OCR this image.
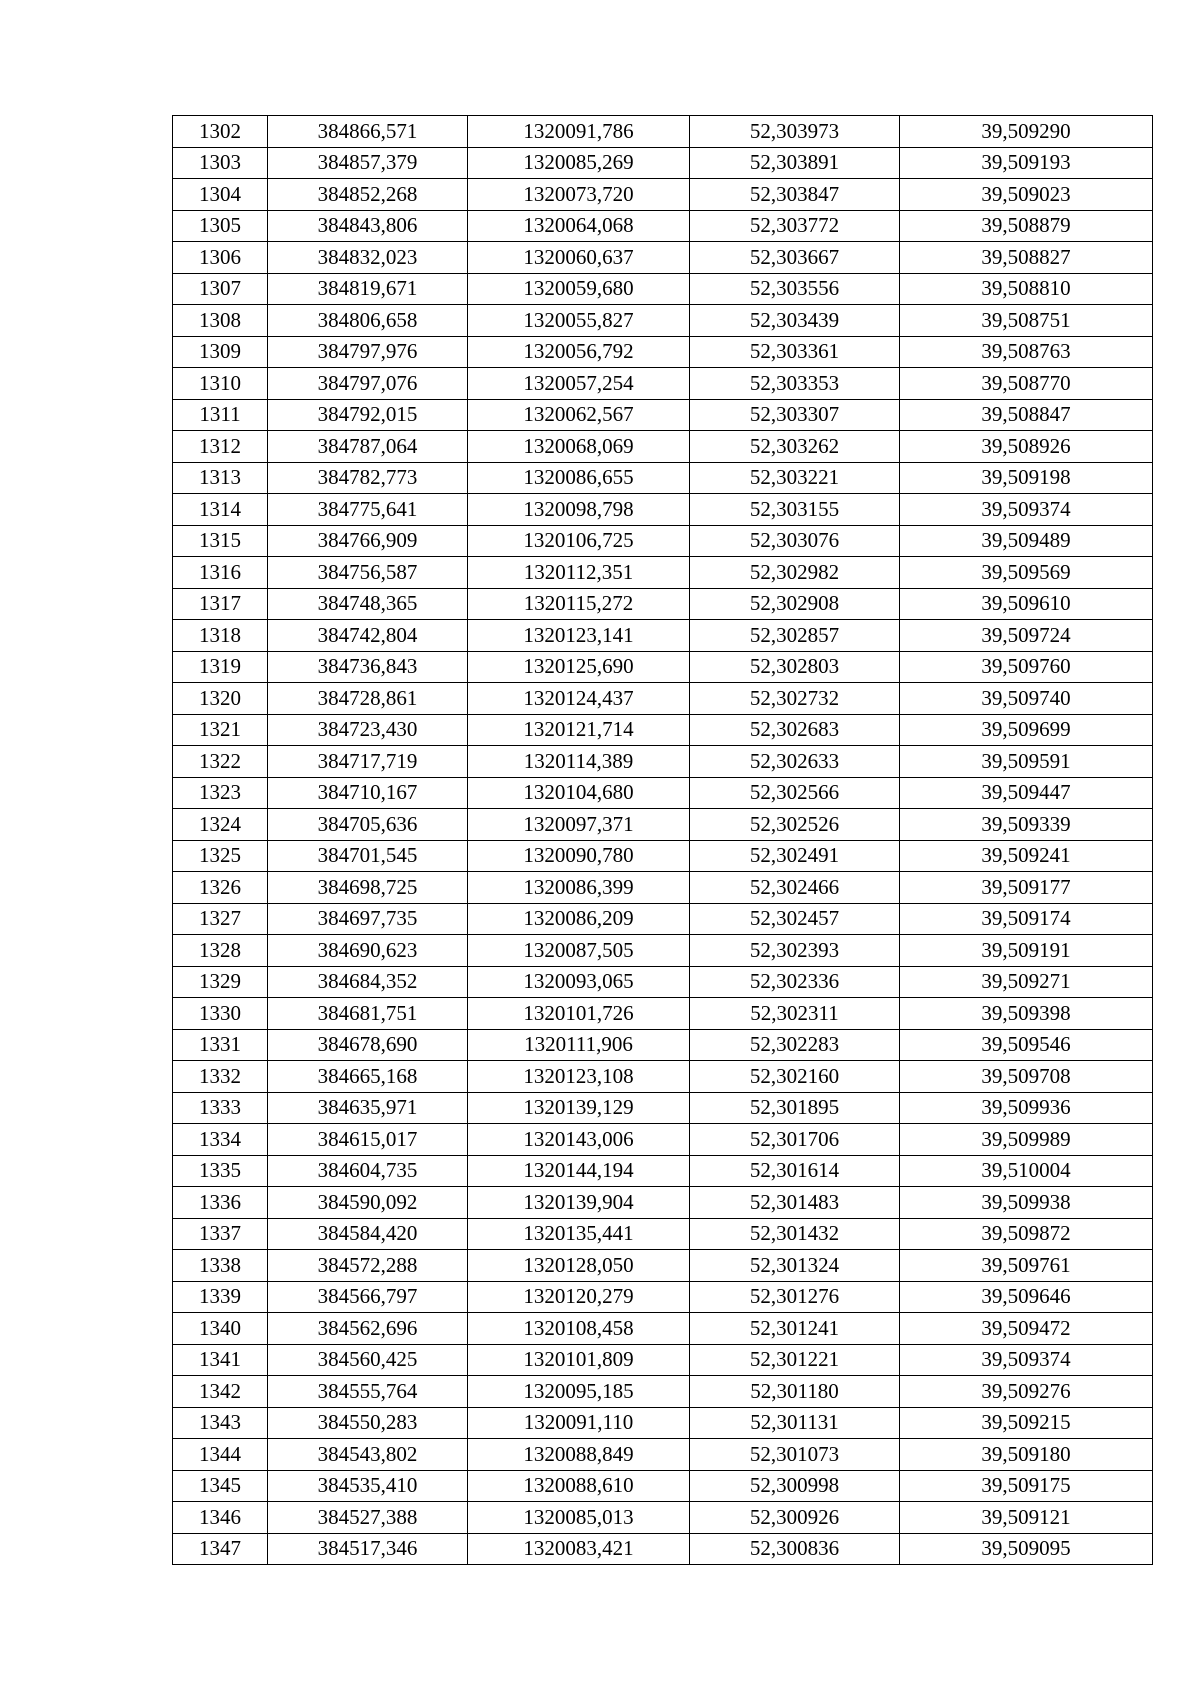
1302	384866,571	1320091,786	52,303973	39,509290
1303	384857,379	1320085,269	52,303891	39,509193
1304	384852,268	1320073,720	52,303847	39,509023
1305	384843,806	1320064,068	52,303772	39,508879
1306	384832,023	1320060,637	52,303667	39,508827
1307	384819,671	1320059,680	52,303556	39,508810
1308	384806,658	1320055,827	52,303439	39,508751
1309	384797,976	1320056,792	52,303361	39,508763
1310	384797,076	1320057,254	52,303353	39,508770
1311	384792,015	1320062,567	52,303307	39,508847
1312	384787,064	1320068,069	52,303262	39,508926
1313	384782,773	1320086,655	52,303221	39,509198
1314	384775,641	1320098,798	52,303155	39,509374
1315	384766,909	1320106,725	52,303076	39,509489
1316	384756,587	1320112,351	52,302982	39,509569
1317	384748,365	1320115,272	52,302908	39,509610
1318	384742,804	1320123,141	52,302857	39,509724
1319	384736,843	1320125,690	52,302803	39,509760
1320	384728,861	1320124,437	52,302732	39,509740
1321	384723,430	1320121,714	52,302683	39,509699
1322	384717,719	1320114,389	52,302633	39,509591
1323	384710,167	1320104,680	52,302566	39,509447
1324	384705,636	1320097,371	52,302526	39,509339
1325	384701,545	1320090,780	52,302491	39,509241
1326	384698,725	1320086,399	52,302466	39,509177
1327	384697,735	1320086,209	52,302457	39,509174
1328	384690,623	1320087,505	52,302393	39,509191
1329	384684,352	1320093,065	52,302336	39,509271
1330	384681,751	1320101,726	52,302311	39,509398
1331	384678,690	1320111,906	52,302283	39,509546
1332	384665,168	1320123,108	52,302160	39,509708
1333	384635,971	1320139,129	52,301895	39,509936
1334	384615,017	1320143,006	52,301706	39,509989
1335	384604,735	1320144,194	52,301614	39,510004
1336	384590,092	1320139,904	52,301483	39,509938
1337	384584,420	1320135,441	52,301432	39,509872
1338	384572,288	1320128,050	52,301324	39,509761
1339	384566,797	1320120,279	52,301276	39,509646
1340	384562,696	1320108,458	52,301241	39,509472
1341	384560,425	1320101,809	52,301221	39,509374
1342	384555,764	1320095,185	52,301180	39,509276
1343	384550,283	1320091,110	52,301131	39,509215
1344	384543,802	1320088,849	52,301073	39,509180
1345	384535,410	1320088,610	52,300998	39,509175
1346	384527,388	1320085,013	52,300926	39,509121
1347	384517,346	1320083,421	52,300836	39,509095
